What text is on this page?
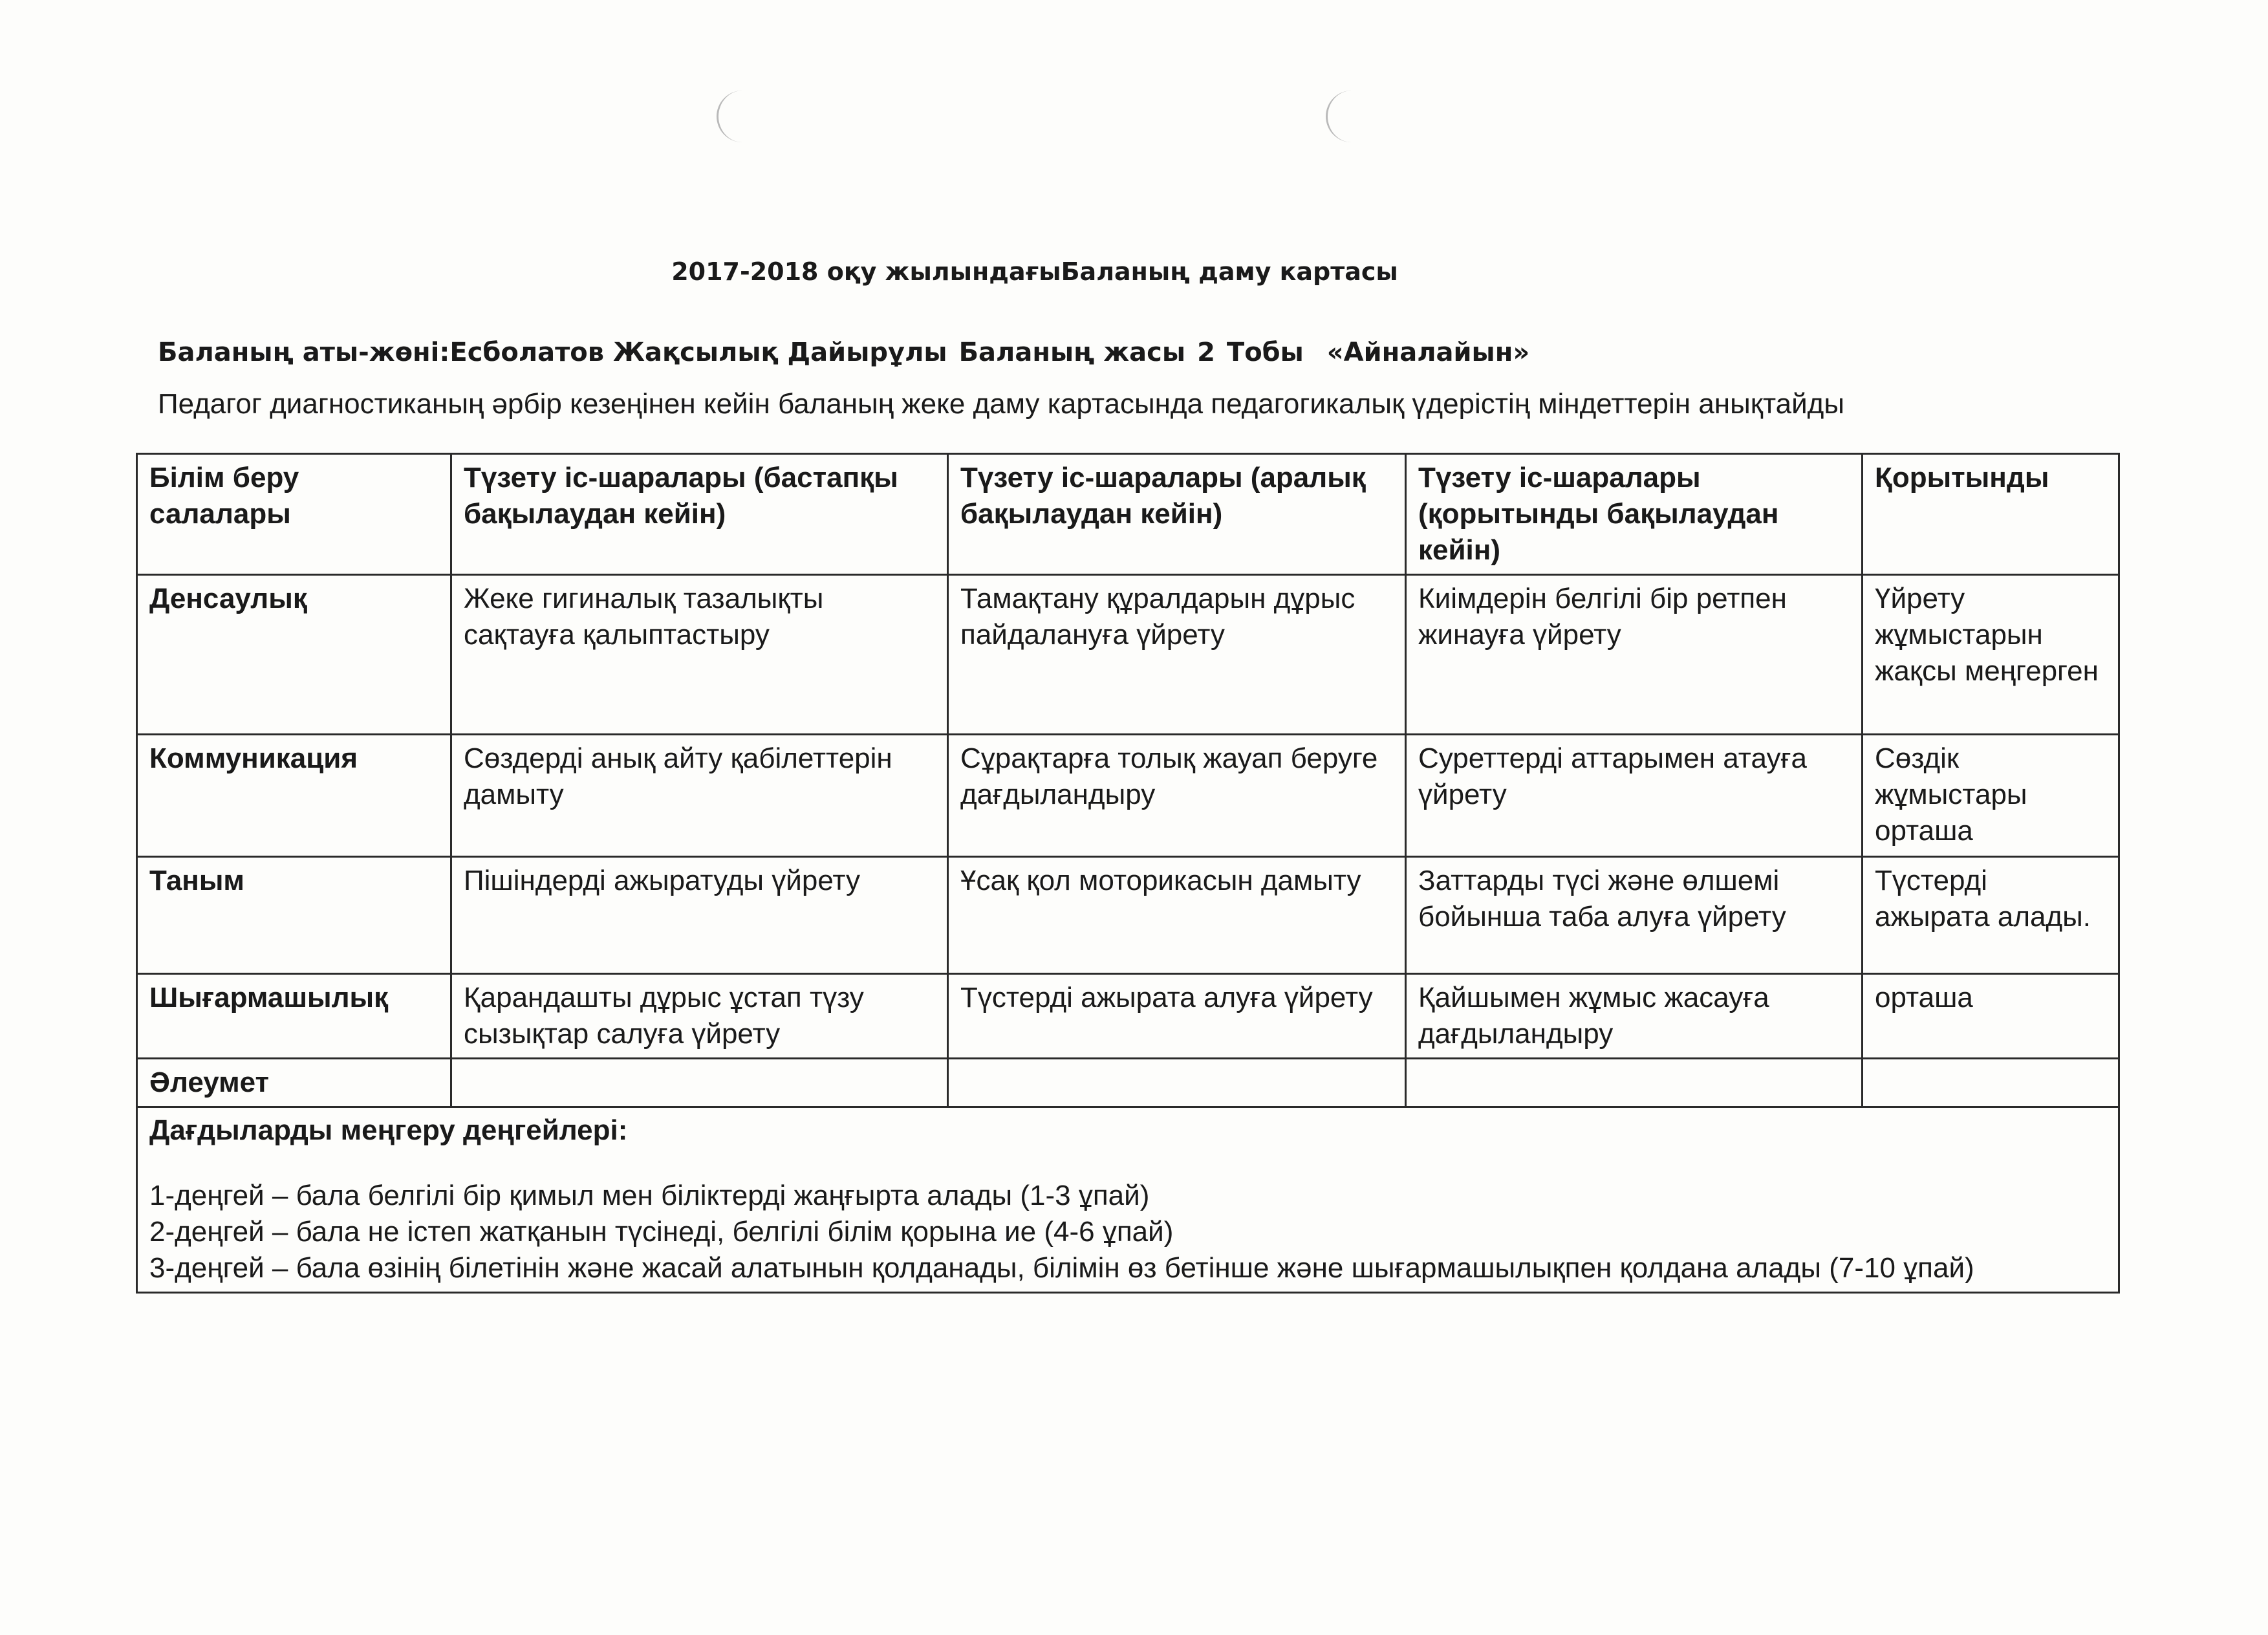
2017-2018 оқу жылындағыБаланың даму картасы
Баланың аты-жөні:Есболатов Жақсылық Дайырұлы Баланың жасы 2 Тобы «Айналайын»
Педагог диагностиканың әрбір кезеңінен кейін баланың жеке даму картасында педагогикалық үдерістің міндеттерін анықтайды
Білім беру салалары	Түзету іс-шаралары (бастапқы бақылаудан кейін)	Түзету іс-шаралары (аралық бақылаудан кейін)	Түзету іс-шаралары (қорытынды бақылаудан кейін)	Қорытынды
Денсаулық	Жеке гигиналық тазалықты сақтауға қалыптастыру	Тамақтану құралдарын дұрыс пайдалануға үйрету	Киімдерін белгілі бір ретпен жинауға үйрету	Үйрету жұмыстарын жақсы меңгерген
Коммуникация	Сөздерді анық айту қабілеттерін дамыту	Сұрақтарға толық жауап беруге дағдыландыру	Суреттерді аттарымен атауға үйрету	Сөздік жұмыстары орташа
Таным	Пішіндерді ажыратуды үйрету	Ұсақ қол моторикасын дамыту	Заттарды түсі және өлшемі бойынша таба алуға үйрету	Түстерді ажырата алады.
Шығармашылық	Қарандашты дұрыс ұстап түзу сызықтар салуға үйрету	Түстерді ажырата алуға үйрету	Қайшымен жұмыс жасауға дағдыландыру	орташа
Әлеумет				

Дағдыларды меңгеру деңгейлері:
1-деңгей – бала белгілі бір қимыл мен біліктерді жаңғырта алады (1-3 ұпай)
2-деңгей – бала не істеп жатқанын түсінеді, белгілі білім қорына ие (4-6 ұпай)
3-деңгей – бала өзінің білетінін және жасай алатынын қолданады, білімін өз бетінше және шығармашылықпен қолдана алады (7-10 ұпай)				
